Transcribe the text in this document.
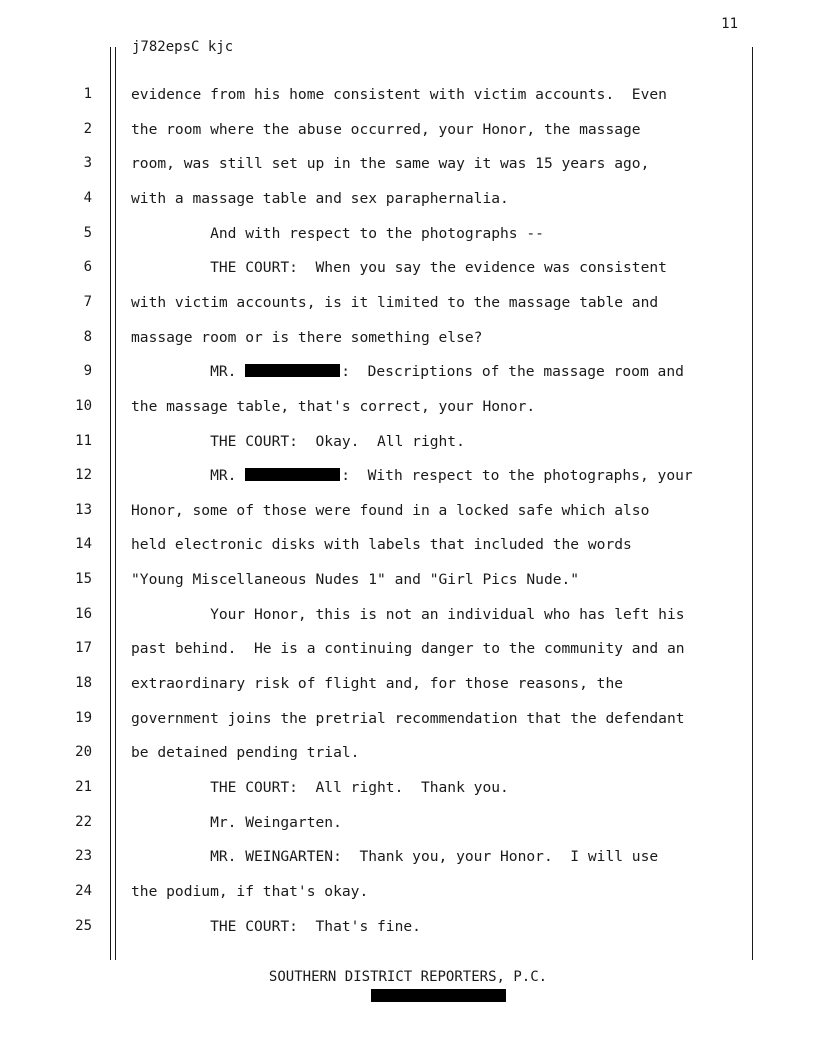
11
j782epsC kjc
1	evidence from his home consistent with victim accounts.  Even
2	the room where the abuse occurred, your Honor, the massage
3	room, was still set up in the same way it was 15 years ago,
4	with a massage table and sex paraphernalia.
5	And with respect to the photographs --
6	THE COURT:  When you say the evidence was consistent
7	with victim accounts, is it limited to the massage table and
8	massage room or is there something else?
9	MR.	:  Descriptions of the massage room and
10	the massage table, that's correct, your Honor.
11	THE COURT:  Okay.  All right.
12	MR.	:  With respect to the photographs, your
13	Honor, some of those were found in a locked safe which also
14	held electronic disks with labels that included the words
15	"Young Miscellaneous Nudes 1" and "Girl Pics Nude."
16	Your Honor, this is not an individual who has left his
17	past behind.  He is a continuing danger to the community and an
18	extraordinary risk of flight and, for those reasons, the
19	government joins the pretrial recommendation that the defendant
20	be detained pending trial.
21	THE COURT:  All right.  Thank you.
22	Mr. Weingarten.
23	MR. WEINGARTEN:  Thank you, your Honor.  I will use
24	the podium, if that's okay.
25	THE COURT:  That's fine.
SOUTHERN DISTRICT REPORTERS, P.C.
